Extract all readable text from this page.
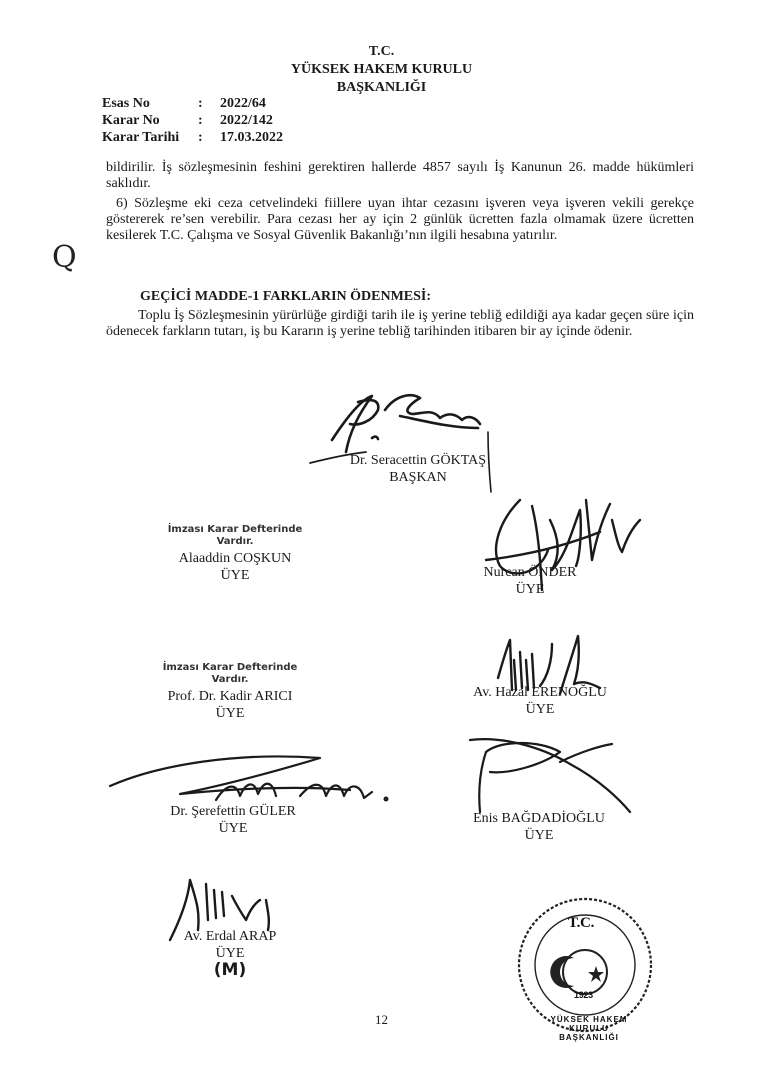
T.C.
YÜKSEK HAKEM KURULU
BAŞKANLIĞI
Esas No	: 2022/64
Karar No	: 2022/142
Karar Tarihi : 17.03.2022
bildirilir. İş sözleşmesinin feshini gerektiren hallerde 4857 sayılı İş Kanunun 26. madde hükümleri saklıdır.
6) Sözleşme eki ceza cetvelindeki fiillere uyan ihtar cezasını işveren veya işveren vekili gerekçe göstererek re’sen verebilir. Para cezası her ay için 2 günlük ücretten fazla olmamak üzere ücretten kesilerek T.C. Çalışma ve Sosyal Güvenlik Bakanlığı’nın ilgili hesabına yatırılır.
Q
GEÇİCİ MADDE-1 FARKLARIN ÖDENMESİ:
Toplu İş Sözleşmesinin yürürlüğe girdiği tarih ile iş yerine tebliğ edildiği aya kadar geçen süre için ödenecek farkların tutarı, iş bu Kararın iş yerine tebliğ tarihinden itibaren bir ay içinde ödenir.
T.C.
1923
YÜKSEK HAKEM KURULU BAŞKANLIĞI
Dr. Seracettin GÖKTAŞ
BAŞKAN
İmzası Karar Defterinde Vardır.
Alaaddin COŞKUN
ÜYE	Nurcan ÖNDER
ÜYE
İmzası Karar Defterinde Vardır.
Prof. Dr. Kadir ARICI
ÜYE
Av. Hazal ERENOĞLU
ÜYE
Dr. Şerefettin GÜLER
ÜYE
Enis BAĞDADİOĞLU
ÜYE
Av. Erdal ARAP
ÜYE
(M)
12
